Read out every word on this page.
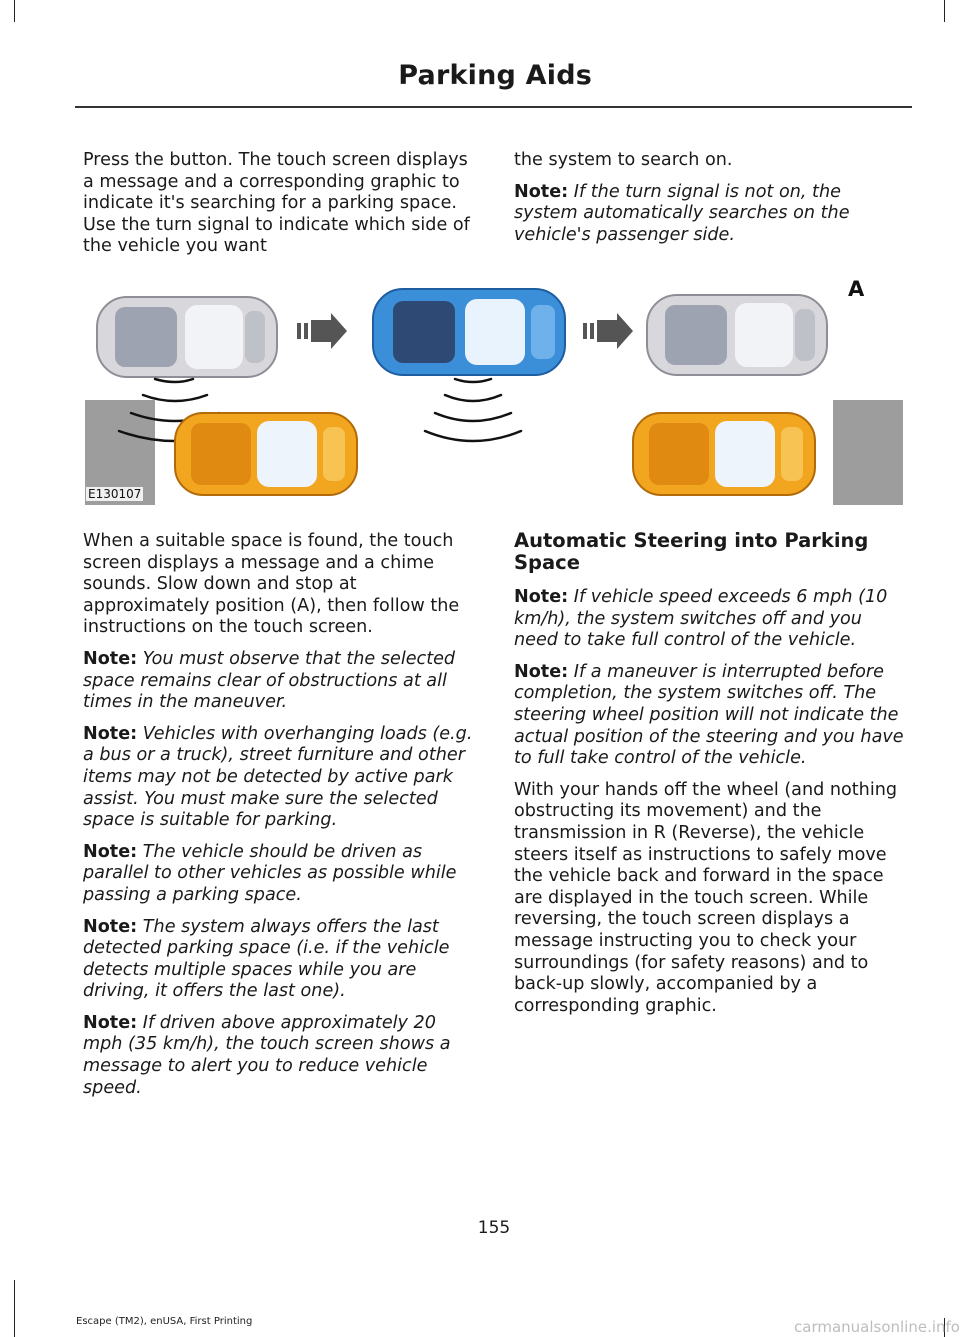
Parking Aids

Press the button. The touch screen displays a message and a corresponding graphic to indicate it's searching for a parking space. Use the turn signal to indicate which side of the vehicle you want

the system to search on.

Note: If the turn signal is not on, the system automatically searches on the vehicle's passenger side.

A
E130107

When a suitable space is found, the touch screen displays a message and a chime sounds. Slow down and stop at approximately position (A), then follow the instructions on the touch screen.

Note: You must observe that the selected space remains clear of obstructions at all times in the maneuver.

Note: Vehicles with overhanging loads (e.g. a bus or a truck), street furniture and other items may not be detected by active park assist. You must make sure the selected space is suitable for parking.

Note: The vehicle should be driven as parallel to other vehicles as possible while passing a parking space.

Note: The system always offers the last detected parking space (i.e. if the vehicle detects multiple spaces while you are driving, it offers the last one).

Note: If driven above approximately 20 mph (35 km/h), the touch screen shows a message to alert you to reduce vehicle speed.

Automatic Steering into Parking Space

Note: If vehicle speed exceeds 6 mph (10 km/h), the system switches off and you need to take full control of the vehicle.

Note: If a maneuver is interrupted before completion, the system switches off. The steering wheel position will not indicate the actual position of the steering and you have to full take control of the vehicle.

With your hands off the wheel (and nothing obstructing its movement) and the transmission in R (Reverse), the vehicle steers itself as instructions to safely move the vehicle back and forward in the space are displayed in the touch screen. While reversing, the touch screen displays a message instructing you to check your surroundings (for safety reasons) and to back-up slowly, accompanied by a corresponding graphic.

155
Escape (TM2), enUSA, First Printing	carmanualsonline.info
